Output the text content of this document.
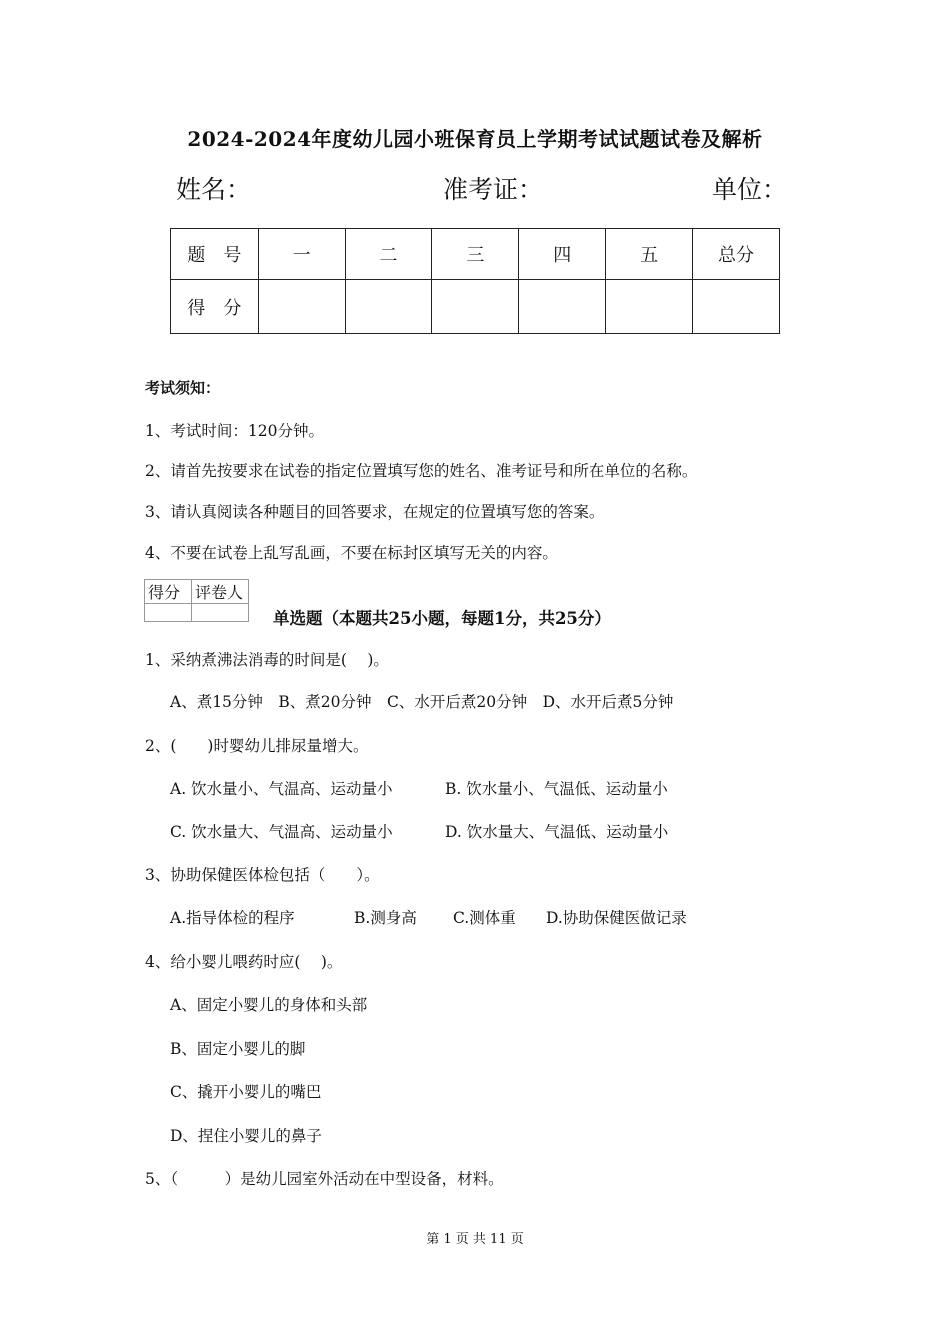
2024-2024年度幼儿园小班保育员上学期考试试题试卷及解析
姓名：	准考证：	单位：
题　号	一	二	三	四	五	总分
得　分						
考试须知：
1、考试时间：120分钟。
2、请首先按要求在试卷的指定位置填写您的姓名、准考证号和所在单位的名称。
3、请认真阅读各种题目的回答要求，在规定的位置填写您的答案。
4、不要在试卷上乱写乱画，不要在标封区填写无关的内容。
得分	评卷人

单选题（本题共25小题，每题1分，共25分）
1、采纳煮沸法消毒的时间是(　 )。
A、煮15分钟　B、煮20分钟　C、水开后煮20分钟　D、水开后煮5分钟
2、(　　)时婴幼儿排尿量增大。
A. 饮水量小、气温高、运动量小	B. 饮水量小、气温低、运动量小
C. 饮水量大、气温高、运动量小	D. 饮水量大、气温低、运动量小
3、协助保健医体检包括（　　）。
A.指导体检的程序	B.测身高 C.测体重 D.协助保健医做记录
4、给小婴儿喂药时应(　 )。
A、固定小婴儿的身体和头部
B、固定小婴儿的脚
C、撬开小婴儿的嘴巴
D、捏住小婴儿的鼻子
5、（　　　）是幼儿园室外活动在中型设备，材料。
第 1 页 共 11 页
